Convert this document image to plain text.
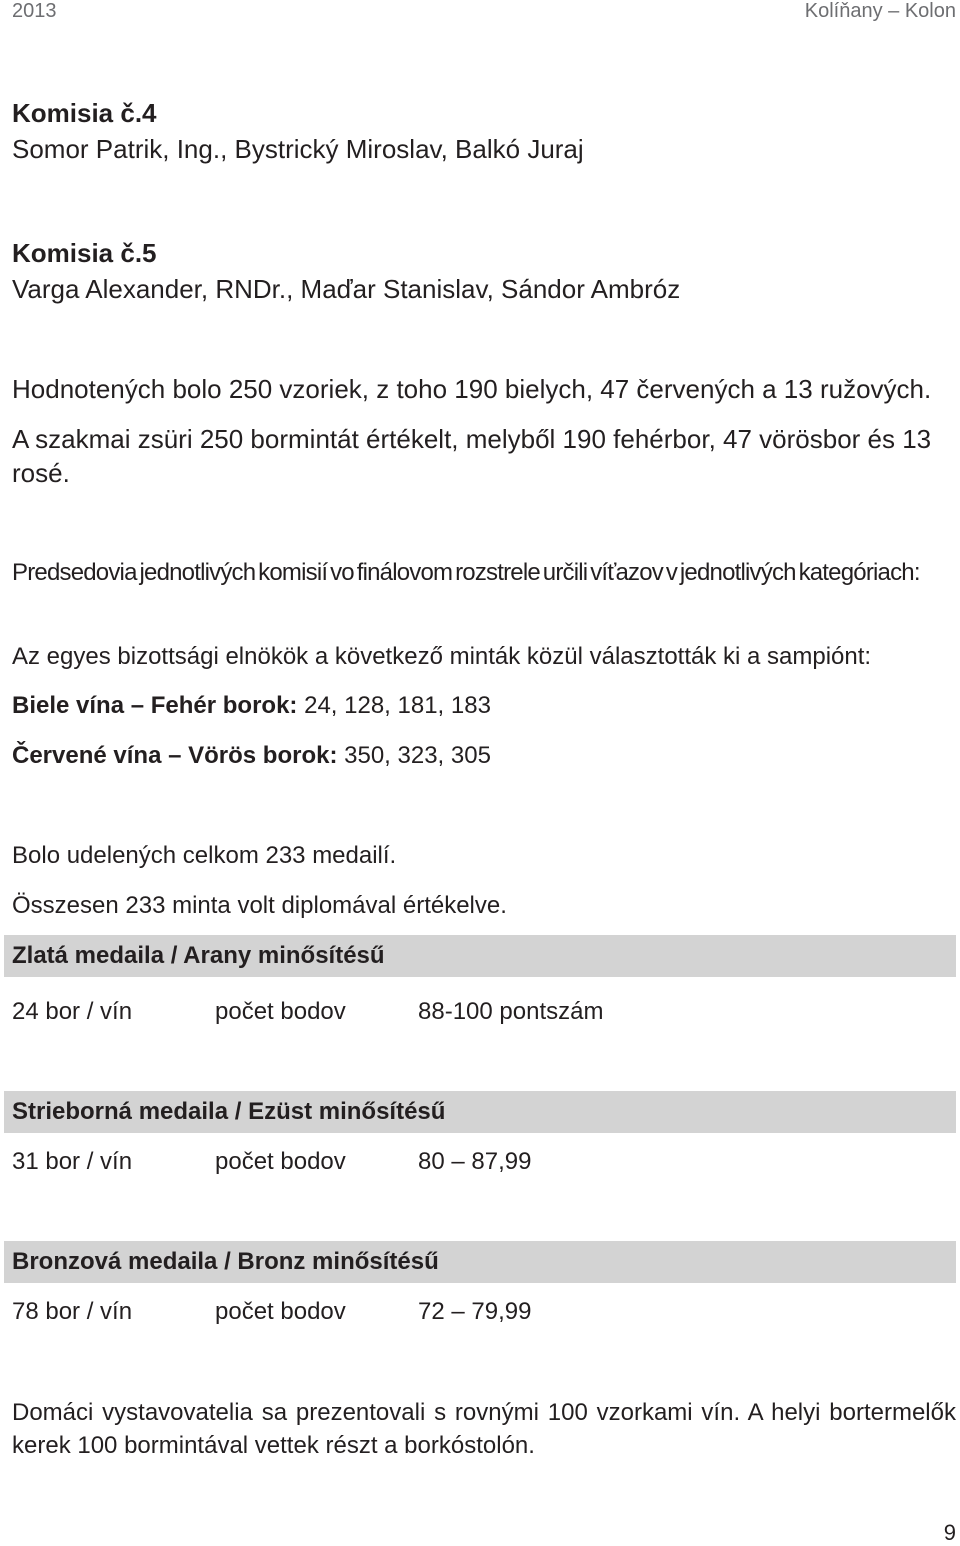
2013	Kolíňany – Kolon
Komisia č.4
Somor Patrik, Ing., Bystrický Miroslav, Balkó Juraj
Komisia č.5
Varga Alexander, RNDr., Maďar Stanislav, Sándor Ambróz
Hodnotených bolo 250 vzoriek, z toho 190 bielych, 47 červených a 13 ružových.
A szakmai zsüri 250 bormintát értékelt, melyből 190 fehérbor, 47 vörösbor és 13 rosé.
Predsedovia jednotlivých komisií vo finálovom rozstrele určili víťazov v jednotlivých kategóriach:
Az egyes bizottsági elnökök a következő minták közül választották ki a sampiónt:
Biele vína – Fehér borok: 24, 128, 181, 183
Červené vína – Vörös borok: 350, 323, 305
Bolo udelených celkom 233 medailí.
Összesen 233 minta volt diplomával értékelve.
Zlatá medaila / Arany minősítésű
24 bor / vín	počet bodov	88-100 pontszám
Strieborná medaila / Ezüst minősítésű
31 bor / vín	počet bodov	80 – 87,99
Bronzová medaila / Bronz minősítésű
78 bor / vín	počet bodov	72 – 79,99
Domáci vystavovatelia sa prezentovali s rovnými 100 vzorkami vín. A helyi bortermelők kerek 100 bormintával vettek részt a borkóstolón.
9
